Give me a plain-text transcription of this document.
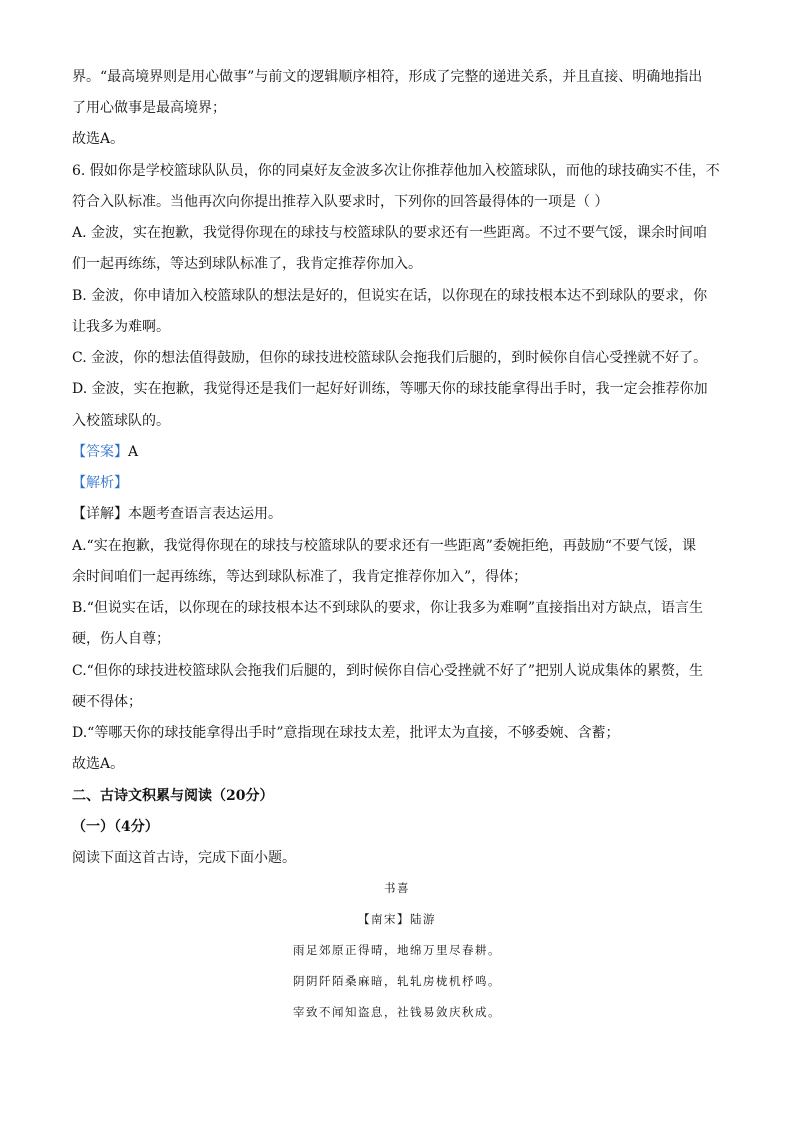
界。“最高境界则是用心做事”与前文的逻辑顺序相符，形成了完整的递进关系，并且直接、明确地指出
了用心做事是最高境界；
故选A。
6. 假如你是学校篮球队队员，你的同桌好友金波多次让你推荐他加入校篮球队，而他的球技确实不佳，不
符合入队标准。当他再次向你提出推荐入队要求时，下列你的回答最得体的一项是（ ）
A. 金波，实在抱歉，我觉得你现在的球技与校篮球队的要求还有一些距离。不过不要气馁，课余时间咱
们一起再练练，等达到球队标准了，我肯定推荐你加入。
B. 金波，你申请加入校篮球队的想法是好的，但说实在话，以你现在的球技根本达不到球队的要求，你
让我多为难啊。
C. 金波，你的想法值得鼓励，但你的球技进校篮球队会拖我们后腿的，到时候你自信心受挫就不好了。
D. 金波，实在抱歉，我觉得还是我们一起好好训练，等哪天你的球技能拿得出手时，我一定会推荐你加
入校篮球队的。
【答案】A
【解析】
【详解】本题考查语言表达运用。
A.“实在抱歉，我觉得你现在的球技与校篮球队的要求还有一些距离”委婉拒绝，再鼓励“不要气馁，课
余时间咱们一起再练练，等达到球队标准了，我肯定推荐你加入”，得体；
B.“但说实在话，以你现在的球技根本达不到球队的要求，你让我多为难啊”直接指出对方缺点，语言生
硬，伤人自尊；
C.“但你的球技进校篮球队会拖我们后腿的，到时候你自信心受挫就不好了”把别人说成集体的累赘，生
硬不得体；
D.“等哪天你的球技能拿得出手时”意指现在球技太差，批评太为直接，不够委婉、含蓄；
故选A。
二、古诗文积累与阅读（20分）
（一）（4分）
阅读下面这首古诗，完成下面小题。
书喜
【南宋】陆游
雨足郊原正得晴，地绵万里尽春耕。
阴阴阡陌桑麻暗，轧轧房栊机杼鸣。
宰致不闻知盗息，社钱易敛庆秋成。
